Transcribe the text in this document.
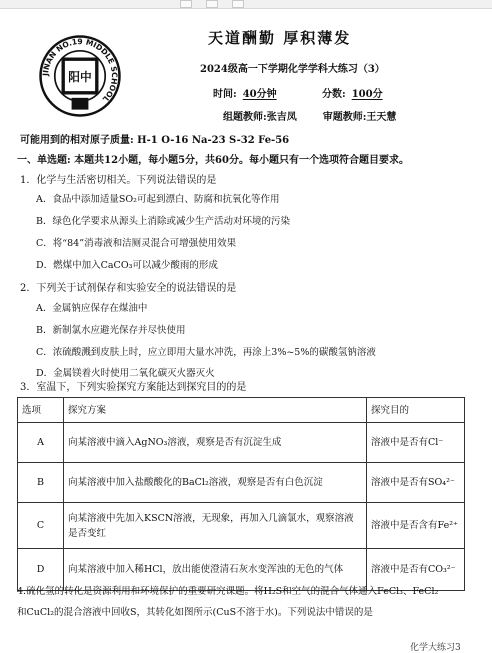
JINAN NO.19 MIDDLE SCHOOL
阳中
天道酬勤 厚积薄发
2024级高一下学期化学学科大练习（3）
时间: 40分钟	分数: 100分
组题教师:张吉凤	审题教师:王天慧
可能用到的相对原子质量: H-1 O-16 Na-23 S-32 Fe-56
一、单选题: 本题共12小题，每小题5分，共60分。每小题只有一个选项符合题目要求。
1．化学与生活密切相关。下列说法错误的是
A．食品中添加适量SO₂可起到漂白、防腐和抗氧化等作用
B．绿色化学要求从源头上消除或减少生产活动对环境的污染
C．将“84”消毒液和洁厕灵混合可增强使用效果
D．燃煤中加入CaCO₃可以减少酸雨的形成
2．下列关于试剂保存和实验安全的说法错误的是
A．金属钠应保存在煤油中
B．新制氯水应避光保存并尽快使用
C．浓硫酸溅到皮肤上时，应立即用大量水冲洗，再涂上3%~5%的碳酸氢钠溶液
D．金属镁着火时使用二氧化碳灭火器灭火
3．室温下，下列实验探究方案能达到探究目的的是
选项	探究方案	探究目的
A	向某溶液中滴入AgNO₃溶液，观察是否有沉淀生成	溶液中是否有Cl⁻
B	向某溶液中加入盐酸酸化的BaCl₂溶液，观察是否有白色沉淀	溶液中是否有SO₄²⁻
C	向某溶液中先加入KSCN溶液，无现象，再加入几滴氯水，观察溶液是否变红	溶液中是否含有Fe²⁺
D	向某溶液中加入稀HCl，放出能使澄清石灰水变浑浊的无色的气体	溶液中是否有CO₃²⁻
4.硫化氢的转化是资源利用和环境保护的重要研究课题。将H₂S和空气的混合气体通入FeCl₃、FeCl₂
和CuCl₂的混合溶液中回收S，其转化如图所示(CuS不溶于水)。下列说法中错误的是
化学大练习3
